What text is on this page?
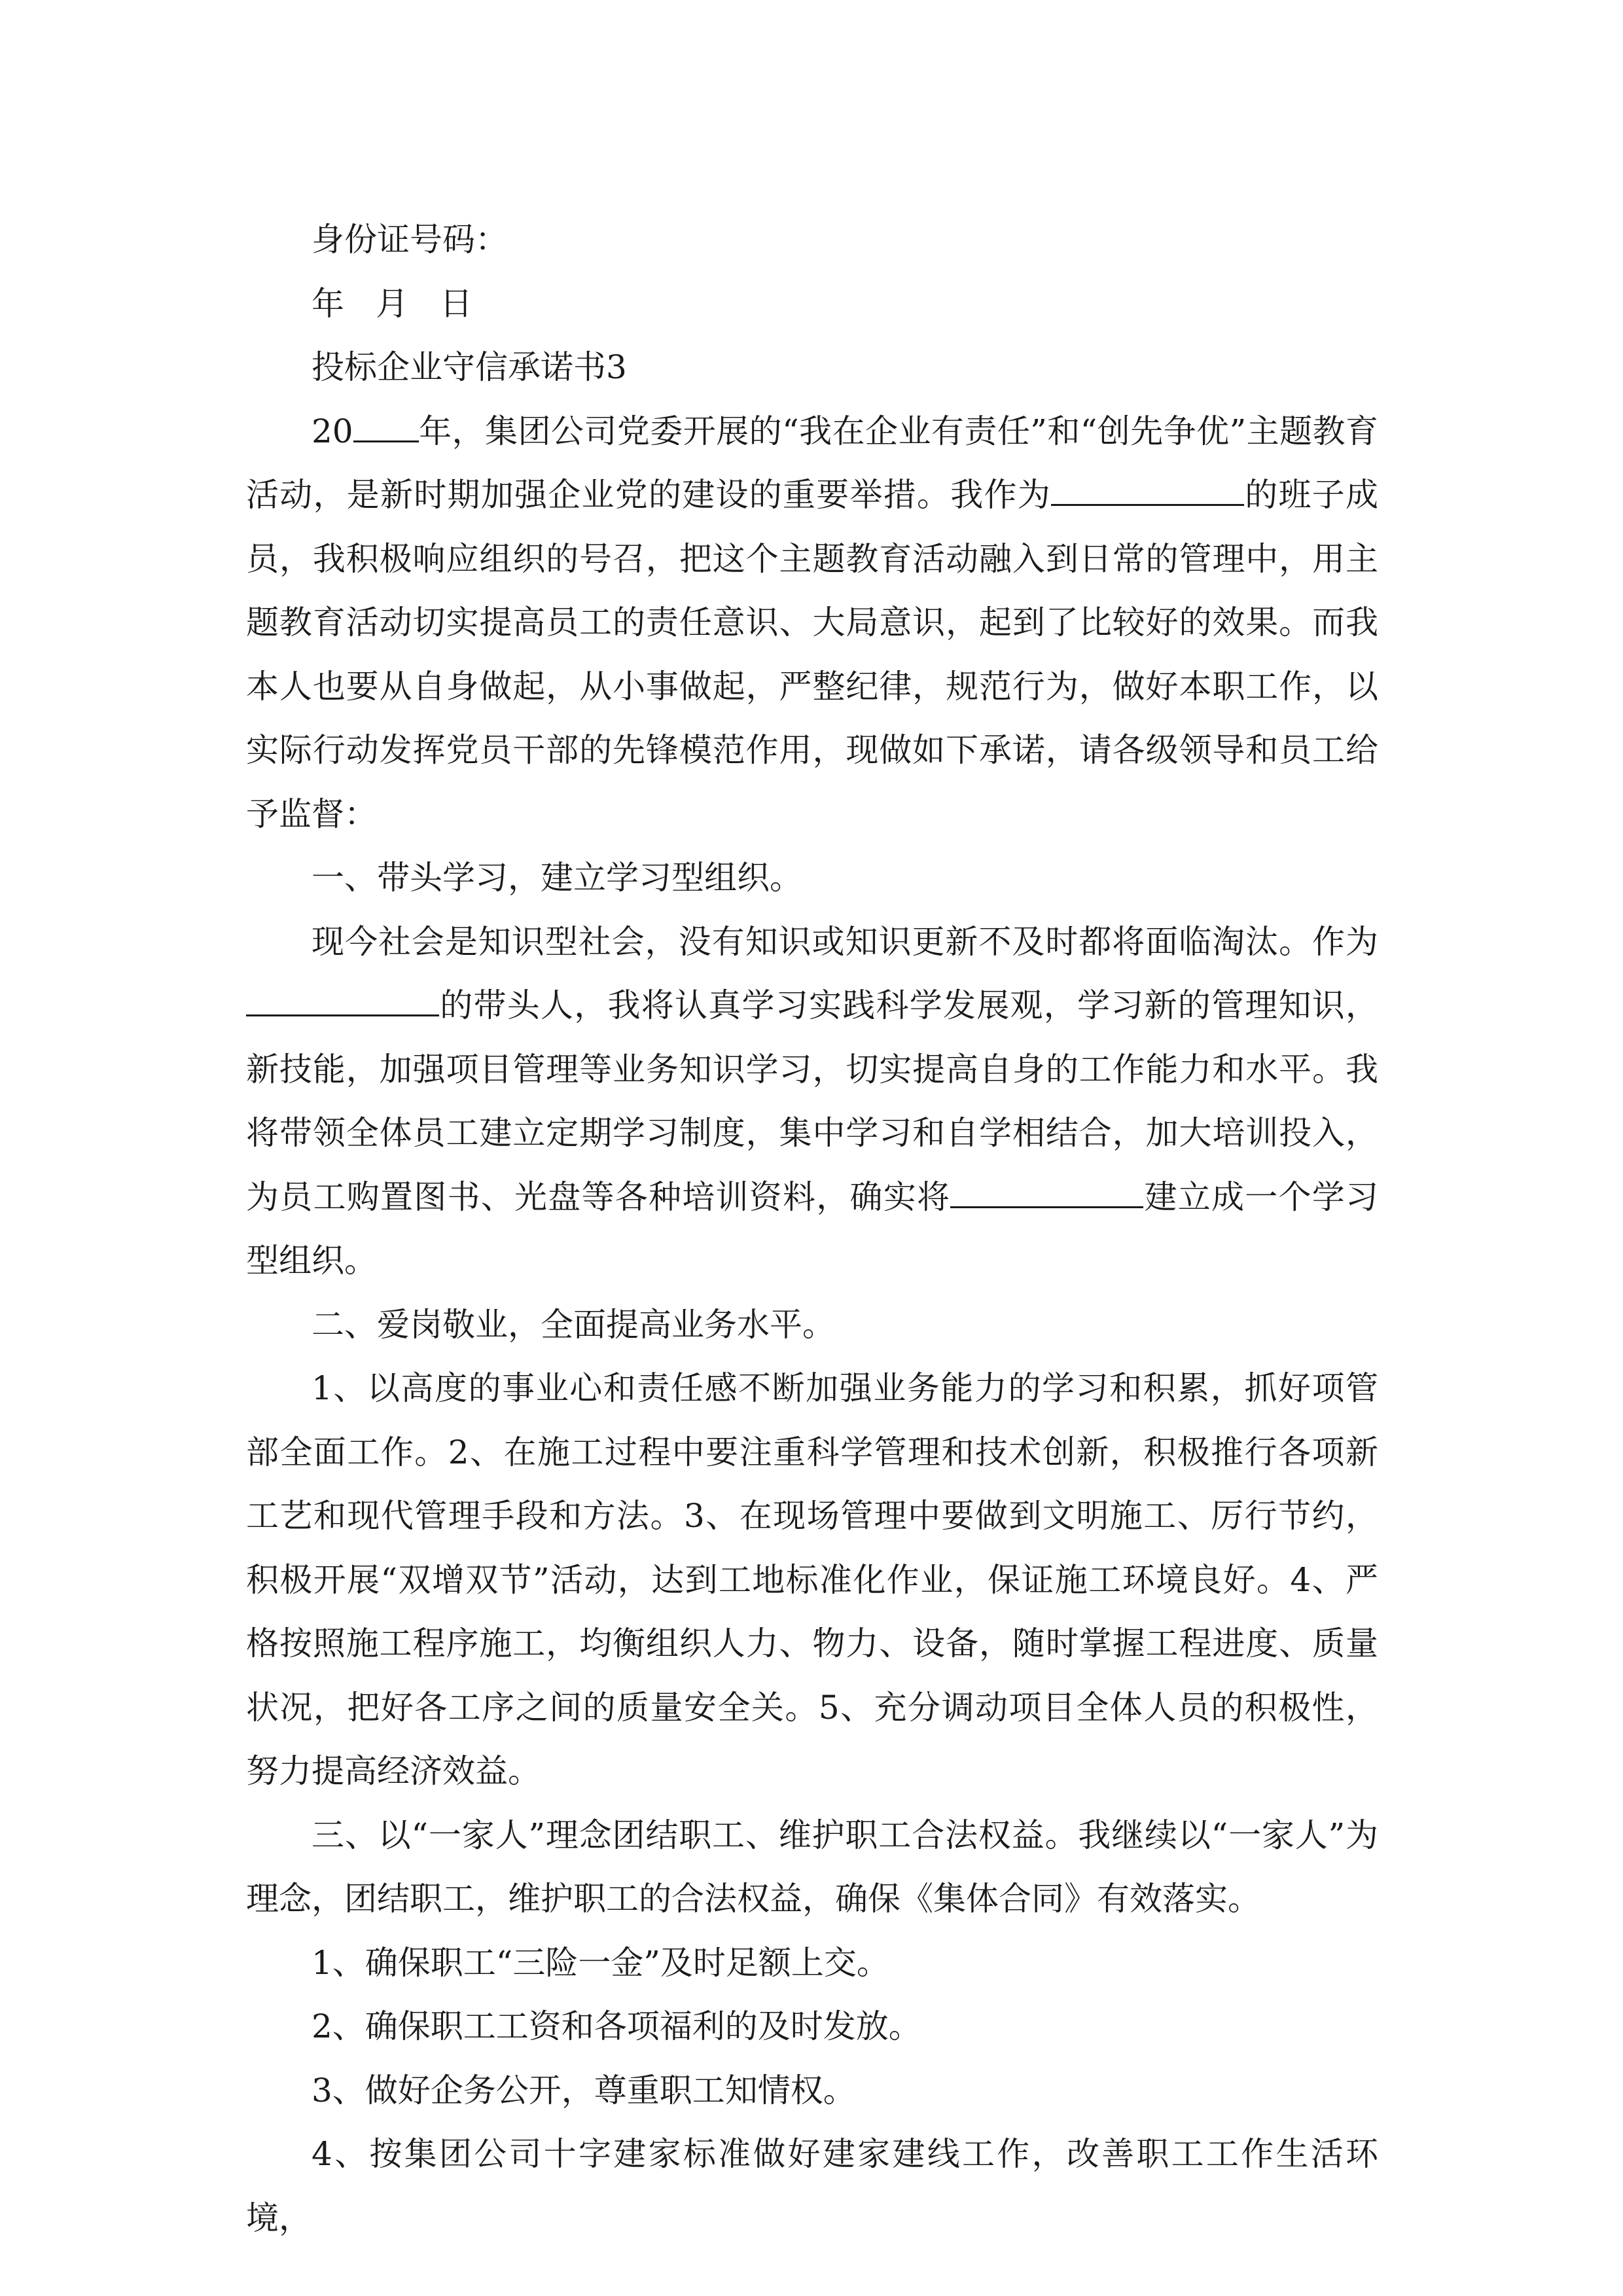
身份证号码：

年 月 日

投标企业守信承诺书3

20 年，集团公司党委开展的“我在企业有责任”和“创先争优”主题教育活动，是新时期加强企业党的建设的重要举措。我作为	的班子成员，我积极响应组织的号召，把这个主题教育活动融入到日常的管理中，用主题教育活动切实提高员工的责任意识、大局意识，起到了比较好的效果。而我本人也要从自身做起，从小事做起，严整纪律，规范行为，做好本职工作，以实际行动发挥党员干部的先锋模范作用，现做如下承诺，请各级领导和员工给予监督：

一、带头学习，建立学习型组织。

现今社会是知识型社会，没有知识或知识更新不及时都将面临淘汰。作为的带头人，我将认真学习实践科学发展观，学习新的管理知识，新技能，加强项目管理等业务知识学习，切实提高自身的工作能力和水平。我将带领全体员工建立定期学习制度，集中学习和自学相结合，加大培训投入，为员工购置图书、光盘等各种培训资料，确实将	建立成一个学习型组织。

二、爱岗敬业，全面提高业务水平。

1、以高度的事业心和责任感不断加强业务能力的学习和积累，抓好项管部全面工作。2、在施工过程中要注重科学管理和技术创新，积极推行各项新工艺和现代管理手段和方法。3、在现场管理中要做到文明施工、厉行节约，积极开展“双增双节”活动，达到工地标准化作业，保证施工环境良好。4、严格按照施工程序施工，均衡组织人力、物力、设备，随时掌握工程进度、质量状况，把好各工序之间的质量安全关。5、充分调动项目全体人员的积极性，努力提高经济效益。

三、以“一家人”理念团结职工、维护职工合法权益。我继续以“一家人”为理念，团结职工，维护职工的合法权益，确保《集体合同》有效落实。

1、确保职工“三险一金”及时足额上交。

2、确保职工工资和各项福利的及时发放。

3、做好企务公开，尊重职工知情权。

4、按集团公司十字建家标准做好建家建线工作，改善职工工作生活环境，
